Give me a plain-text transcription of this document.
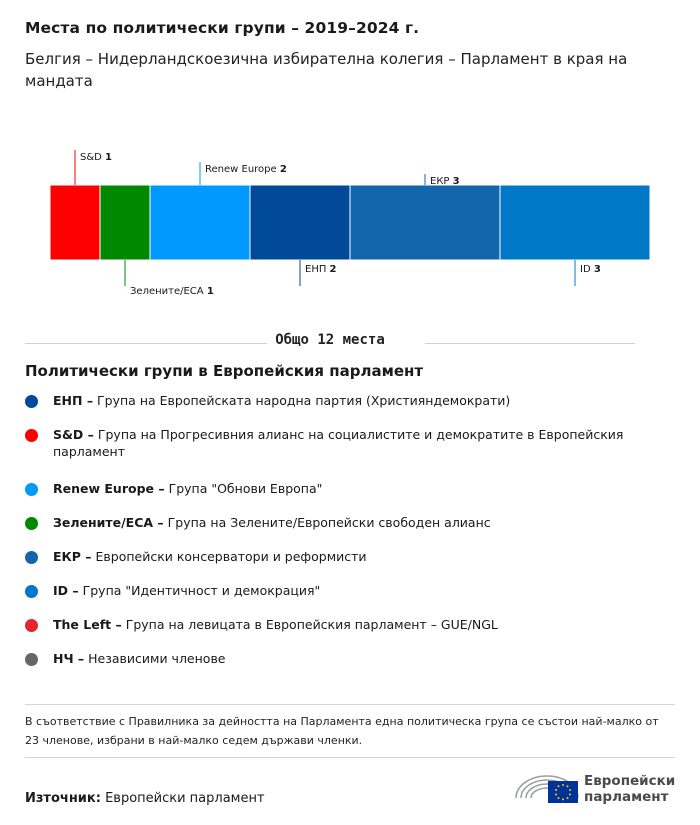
Места по политически групи – 2019–2024 г.
Белгия – Нидерландскоезична избирателна колегия – Парламент в края на мандата
S&D 1
Зелените/ЕСА 1
Renew Europe 2
ЕНП 2
ЕКР 3
ID 3
Общо 12 места
Политически групи в Европейския парламент
ЕНП – Група на Европейската народна партия (Християндемократи)
S&D – Група на Прогресивния алианс на социалистите и демократите в Европейския парламент
Renew Europe – Група "Обнови Европа"
Зелените/ЕСА – Група на Зелените/Европейски свободен алианс
ЕКР – Европейски консерватори и реформисти
ID – Група "Идентичност и демокрация"
The Left – Група на левицата в Европейския парламент – GUE/NGL
НЧ – Независими членове
В съответствие с Правилника за дейността на Парламента една политическа група се състои най-малко от 23 членове, избрани в най-малко седем държави членки.
Източник: Европейски парламент
Европейски
парламент
